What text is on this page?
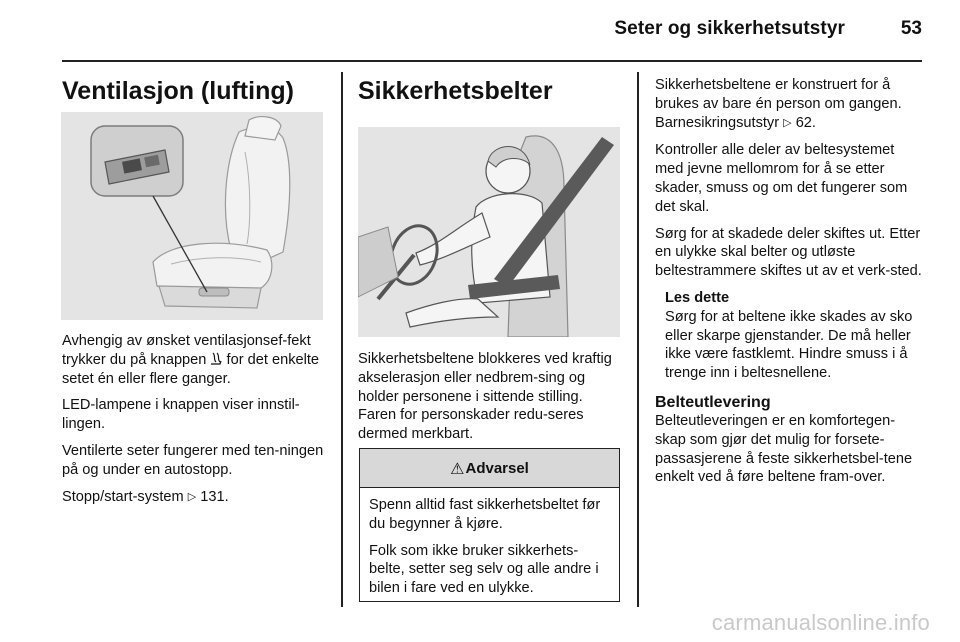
Seter og sikkerhetsutstyr	53
Ventilasjon (lufting)

Avhengig av ønsket ventilasjonsef-fekt trykker du på knappen for det enkelte setet én eller flere ganger.

LED-lampene i knappen viser innstil-lingen.

Ventilerte seter fungerer med ten-ningen på og under en autostopp.

Stopp/start-system ▷ 131.

Sikkerhetsbelter

Sikkerhetsbeltene blokkeres ved kraftig akselerasjon eller nedbrem-sing og holder personene i sittende stilling. Faren for personskader redu-seres dermed merkbart.

⚠ Advarsel

Spenn alltid fast sikkerhetsbeltet før du begynner å kjøre.

Folk som ikke bruker sikkerhets-belte, setter seg selv og alle andre i bilen i fare ved en ulykke.

Sikkerhetsbeltene er konstruert for å brukes av bare én person om gangen. Barnesikringsutstyr ▷ 62.

Kontroller alle deler av beltesystemet med jevne mellomrom for å se etter skader, smuss og om det fungerer som det skal.

Sørg for at skadede deler skiftes ut. Etter en ulykke skal belter og utløste beltestrammere skiftes ut av et verk-sted.

Les dette
Sørg for at beltene ikke skades av sko eller skarpe gjenstander. De må heller ikke være fastklemt. Hindre smuss i å trenge inn i beltesnellene.
Belteutlevering

Belteutleveringen er en komfortegen-skap som gjør det mulig for forsete-passasjerene å feste sikkerhetsbel-tene enkelt ved å føre beltene fram-over.

carmanualsonline.info
